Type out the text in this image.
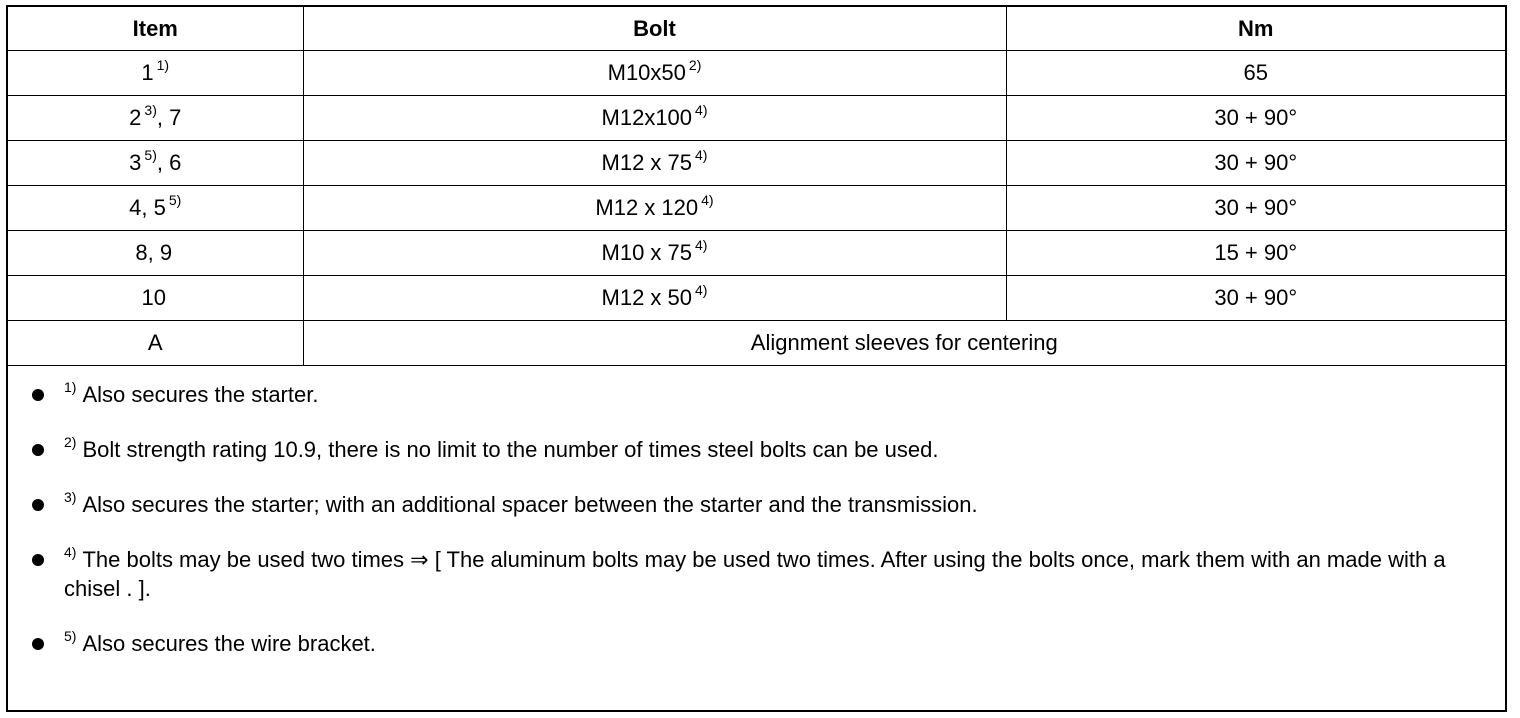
Item	Bolt	Nm
1 $^{1)}$	M10x50 $^{2)}$	65
2 $^{3)}$, 7	M12x100 $^{4)}$	30 + 90°
3 $^{5)}$, 6	M12 x 75 $^{4)}$	30 + 90°
4, 5 $^{5)}$	M12 x 120 $^{4)}$	30 + 90°
8, 9	M10 x 75 $^{4)}$	15 + 90°
10	M12 x 50 $^{4)}$	30 + 90°
A	Alignment sleeves for centering	
$^{1)}$ Also secures the starter.
$^{2)}$ Bolt strength rating 10.9, there is no limit to the number of times steel bolts can be used.
$^{3)}$ Also secures the starter; with an additional spacer between the starter and the transmission.
$^{4)}$ The bolts may be used two times ⇒ [ The aluminum bolts may be used two times. After using the bolts once, mark them with an made with a chisel . ].
$^{5)}$ Also secures the wire bracket.
